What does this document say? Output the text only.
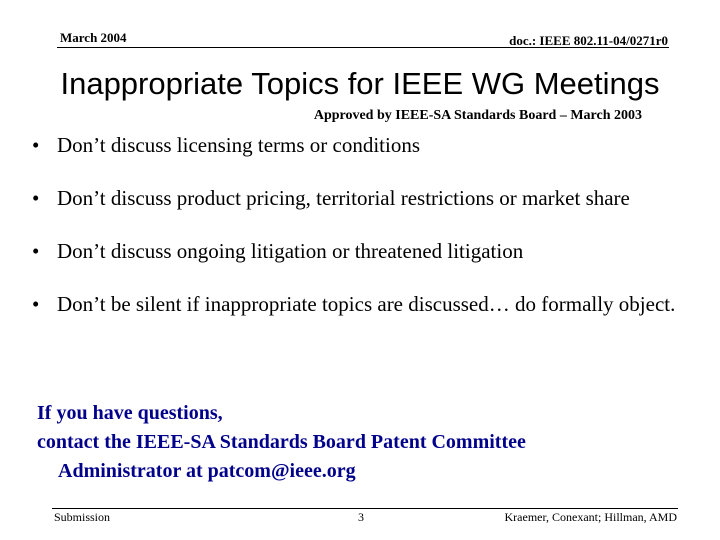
March 2004	doc.: IEEE 802.11-04/0271r0
Inappropriate Topics for IEEE WG Meetings
Approved by IEEE-SA Standards Board – March 2003
• Don’t discuss licensing terms or conditions
• Don’t discuss product pricing, territorial restrictions or market share
• Don’t discuss ongoing litigation or threatened litigation
• Don’t be silent if inappropriate topics are discussed… do formally object.
If you have questions,
contact the IEEE-SA Standards Board Patent Committee
Administrator at patcom@ieee.org
Submission	3	Kraemer, Conexant; Hillman, AMD
